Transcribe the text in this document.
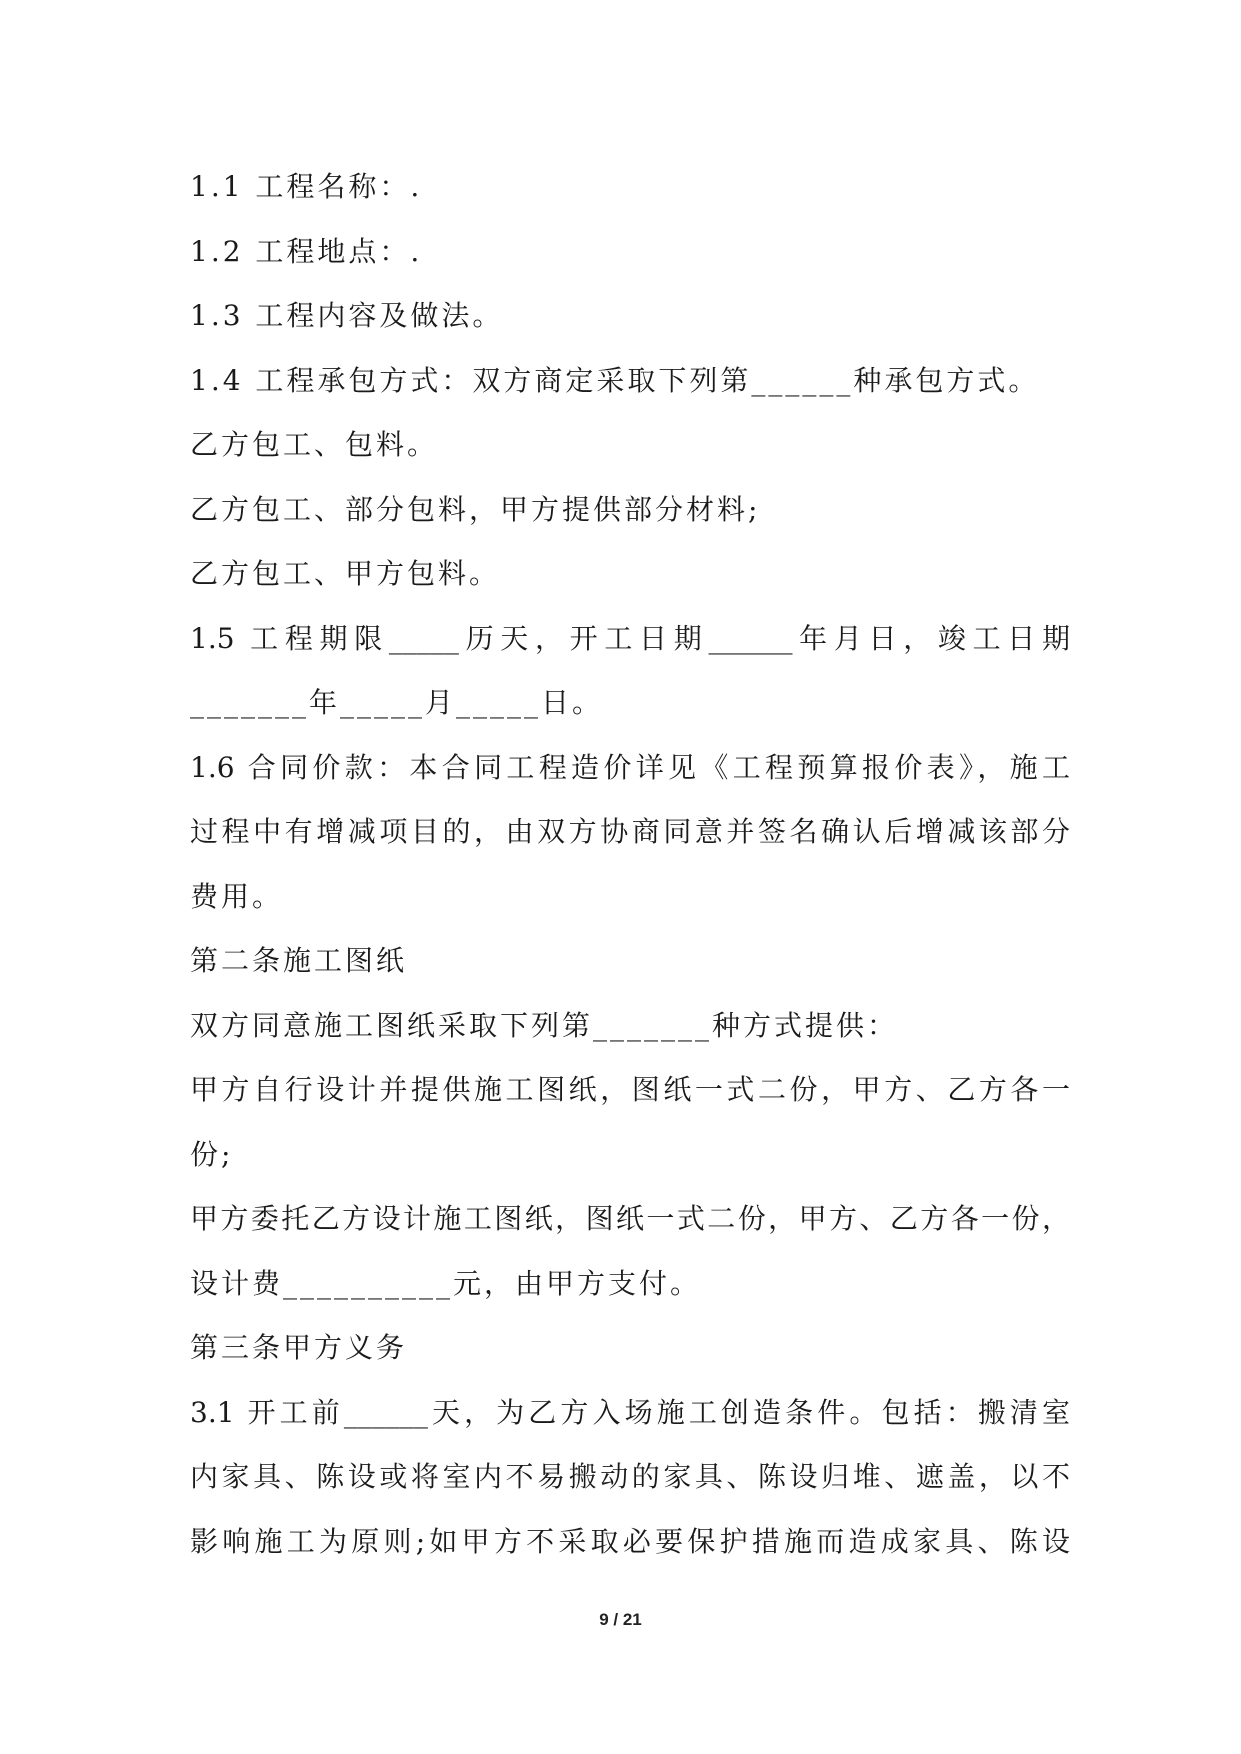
1.1 工程名称：.
1.2 工程地点：.
1.3 工程内容及做法。
1.4 工程承包方式：双方商定采取下列第______种承包方式。
乙方包工、包料。
乙方包工、部分包料，甲方提供部分材料;
乙方包工、甲方包料。
1.5 工程期限_____历天，开工日期______年月日，竣工日期
_______年_____月_____日。
1.6 合同价款：本合同工程造价详见《工程预算报价表》，施工
过程中有增减项目的，由双方协商同意并签名确认后增减该部分
费用。
第二条施工图纸
双方同意施工图纸采取下列第_______种方式提供：
甲方自行设计并提供施工图纸，图纸一式二份，甲方、乙方各一
份;
甲方委托乙方设计施工图纸，图纸一式二份，甲方、乙方各一份，
设计费__________元，由甲方支付。
第三条甲方义务
3.1 开工前______天，为乙方入场施工创造条件。包括：搬清室
内家具、陈设或将室内不易搬动的家具、陈设归堆、遮盖，以不
影响施工为原则;如甲方不采取必要保护措施而造成家具、陈设
9 / 21
